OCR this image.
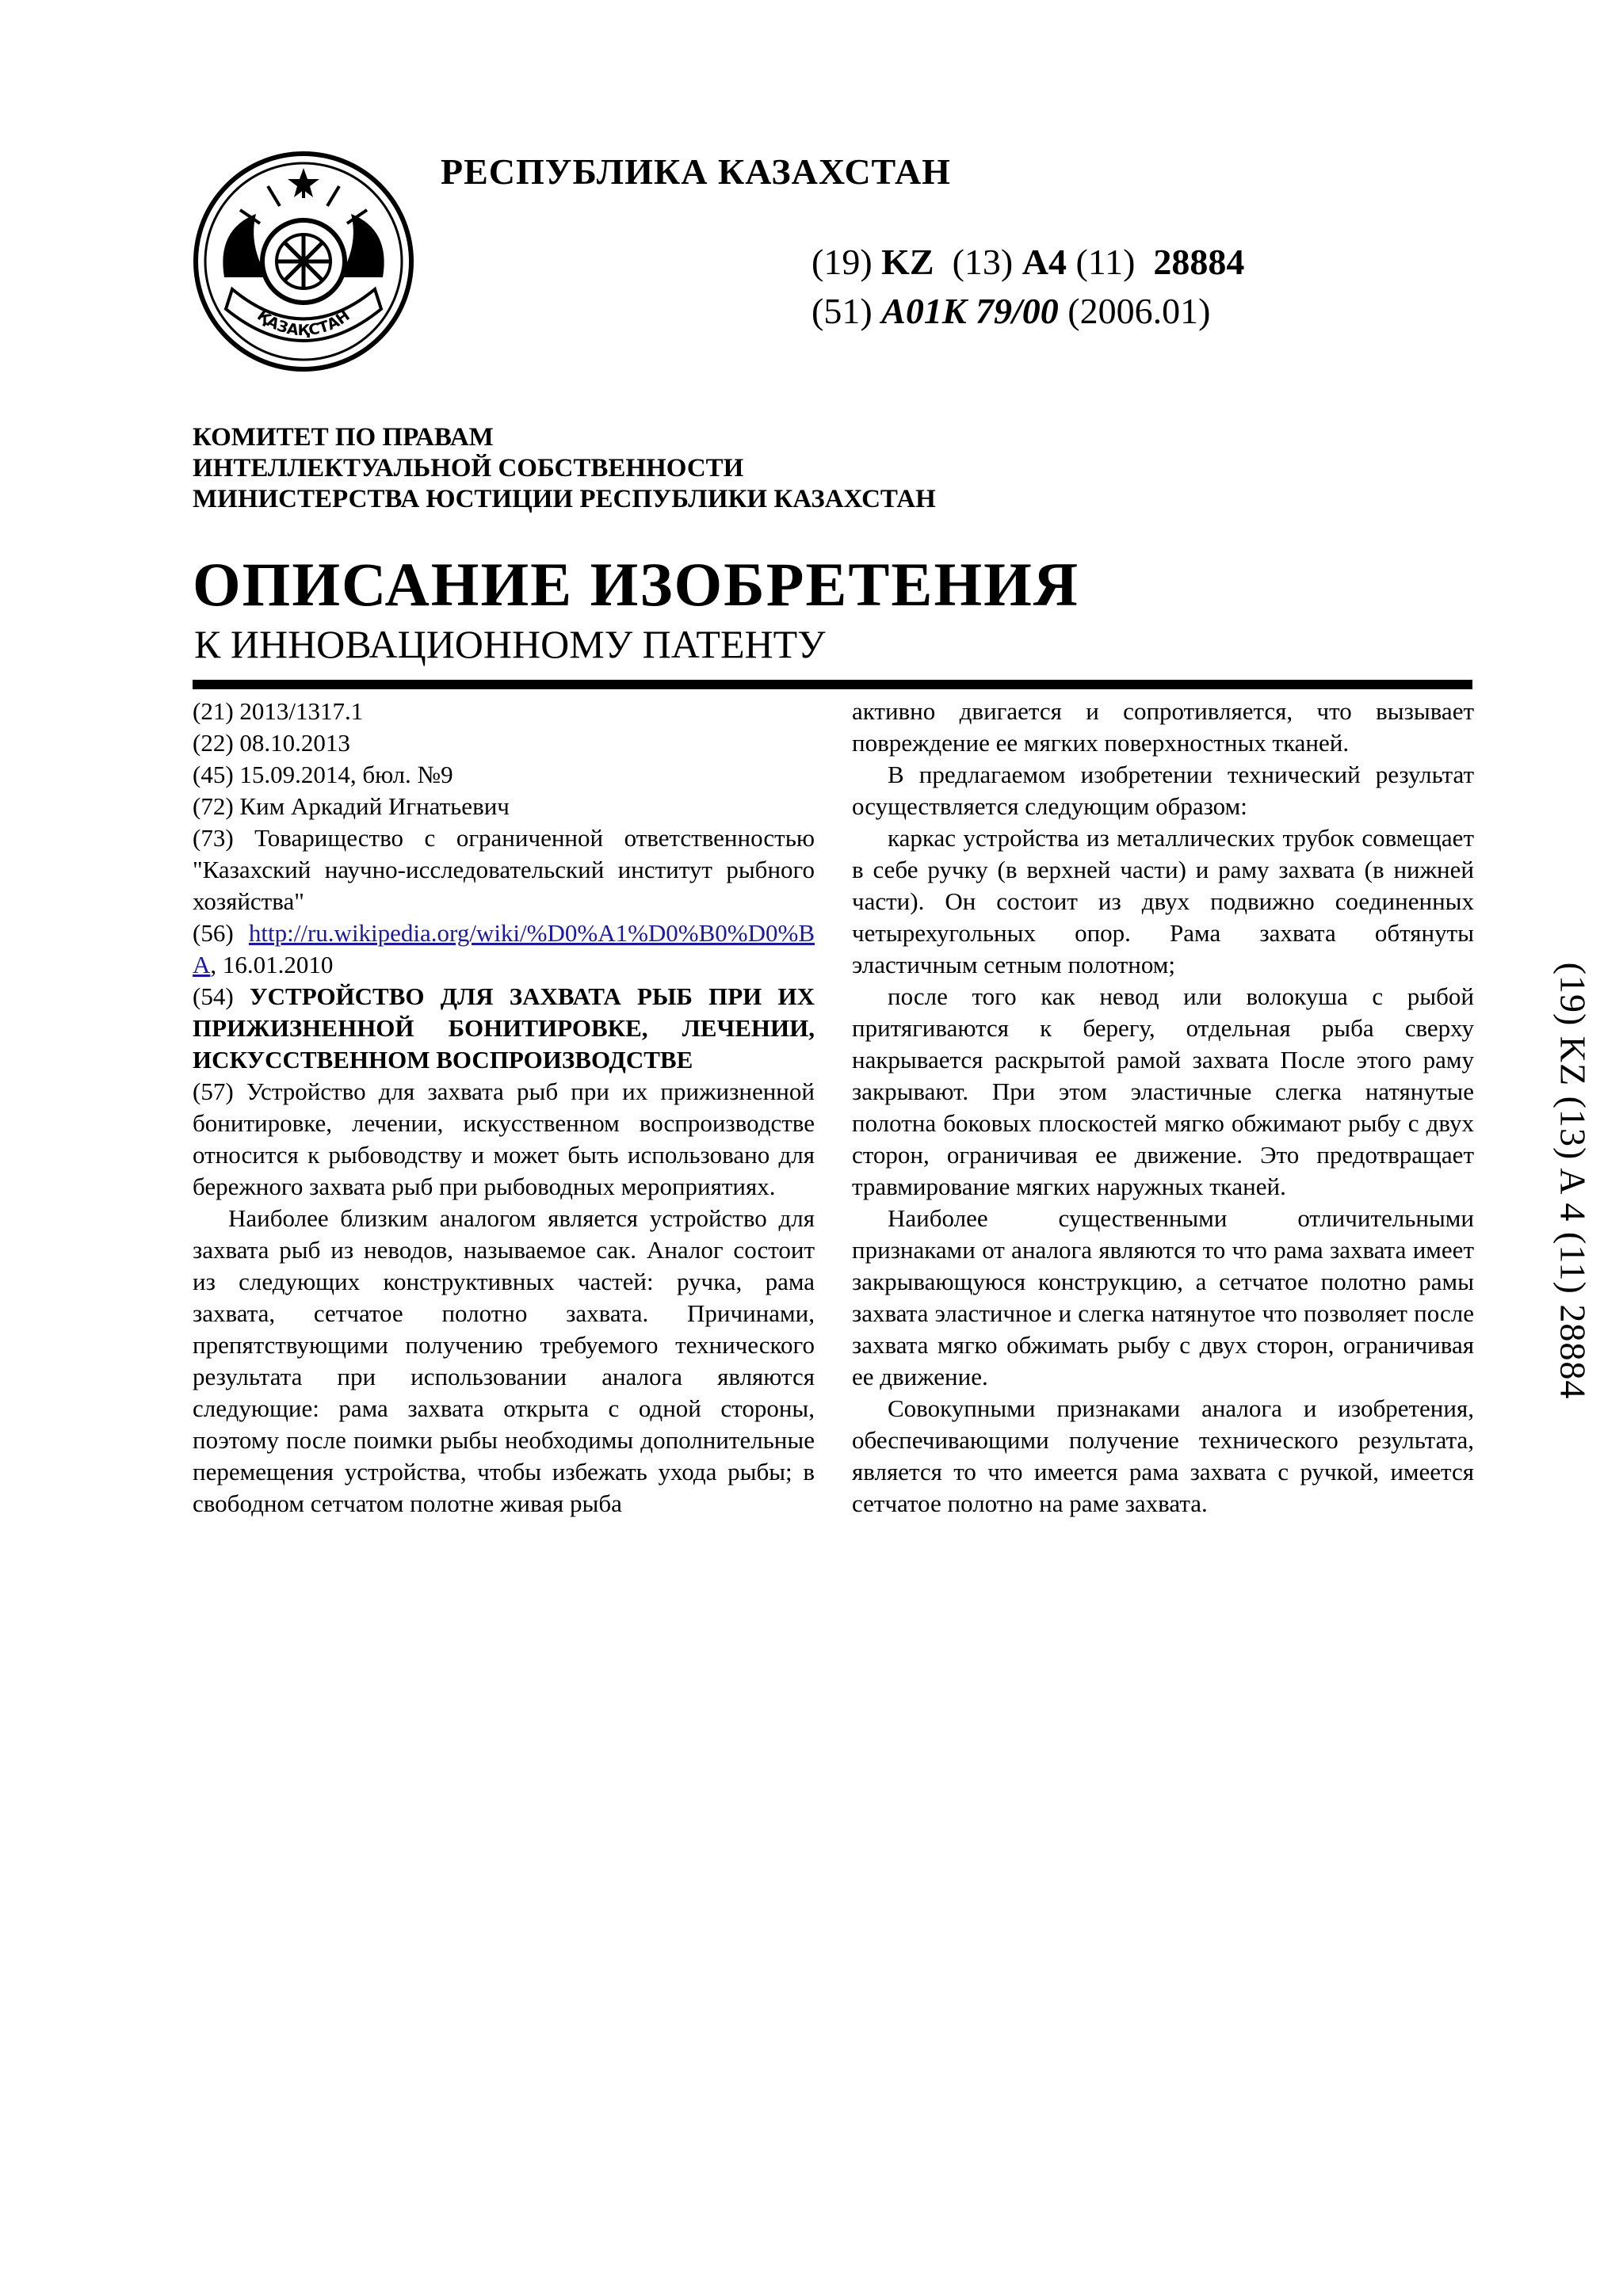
ҚАЗАҚСТАН
РЕСПУБЛИКА КАЗАХСТАН
(19) KZ (13) A4 (11) 28884
(51) A01K 79/00 (2006.01)
КОМИТЕТ ПО ПРАВАМ
ИНТЕЛЛЕКТУАЛЬНОЙ СОБСТВЕННОСТИ
МИНИСТЕРСТВА ЮСТИЦИИ РЕСПУБЛИКИ КАЗАХСТАН
ОПИСАНИЕ ИЗОБРЕТЕНИЯ
К ИННОВАЦИОННОМУ ПАТЕНТУ

(21) 2013/1317.1

(22) 08.10.2013

(45) 15.09.2014, бюл. №9

(72) Ким Аркадий Игнатьевич

(73) Товарищество с ограниченной ответственностью "Казахский научно-исследовательский институт рыбного хозяйства"

(56) http://ru.wikipedia.org/wiki/%D0%A1%D0%B0%D0%BA, 16.01.2010

(54) УСТРОЙСТВО ДЛЯ ЗАХВАТА РЫБ ПРИ ИХ ПРИЖИЗНЕННОЙ БОНИТИРОВКЕ, ЛЕЧЕНИИ, ИСКУССТВЕННОМ ВОСПРОИЗВОДСТВЕ

(57) Устройство для захвата рыб при их прижизненной бонитировке, лечении, искусственном воспроизводстве относится к рыбоводству и может быть использовано для бережного захвата рыб при рыбоводных мероприятиях.

Наиболее близким аналогом является устройство для захвата рыб из неводов, называемое сак. Аналог состоит из следующих конструктивных частей: ручка, рама захвата, сетчатое полотно захвата. Причинами, препятствующими получению требуемого технического результата при использовании аналога являются следующие: рама захвата открыта с одной стороны, поэтому после поимки рыбы необходимы дополнительные перемещения устройства, чтобы избежать ухода рыбы; в свободном сетчатом полотне живая рыба

активно двигается и сопротивляется, что вызывает повреждение ее мягких поверхностных тканей.

В предлагаемом изобретении технический результат осуществляется следующим образом:

каркас устройства из металлических трубок совмещает в себе ручку (в верхней части) и раму захвата (в нижней части). Он состоит из двух подвижно соединенных четырехугольных опор. Рама захвата обтянуты эластичным сетным полотном;

после того как невод или волокуша с рыбой притягиваются к берегу, отдельная рыба сверху накрывается раскрытой рамой захвата После этого раму закрывают. При этом эластичные слегка натянутые полотна боковых плоскостей мягко обжимают рыбу с двух сторон, ограничивая ее движение. Это предотвращает травмирование мягких наружных тканей.

Наиболее существенными отличительными признаками от аналога являются то что рама захвата имеет закрывающуюся конструкцию, а сетчатое полотно рамы захвата эластичное и слегка натянутое что позволяет после захвата мягко обжимать рыбу с двух сторон, ограничивая ее движение.

Совокупными признаками аналога и изобретения, обеспечивающими получение технического результата, является то что имеется рама захвата с ручкой, имеется сетчатое полотно на раме захвата.

(19) KZ (13) A 4 (11) 28884
